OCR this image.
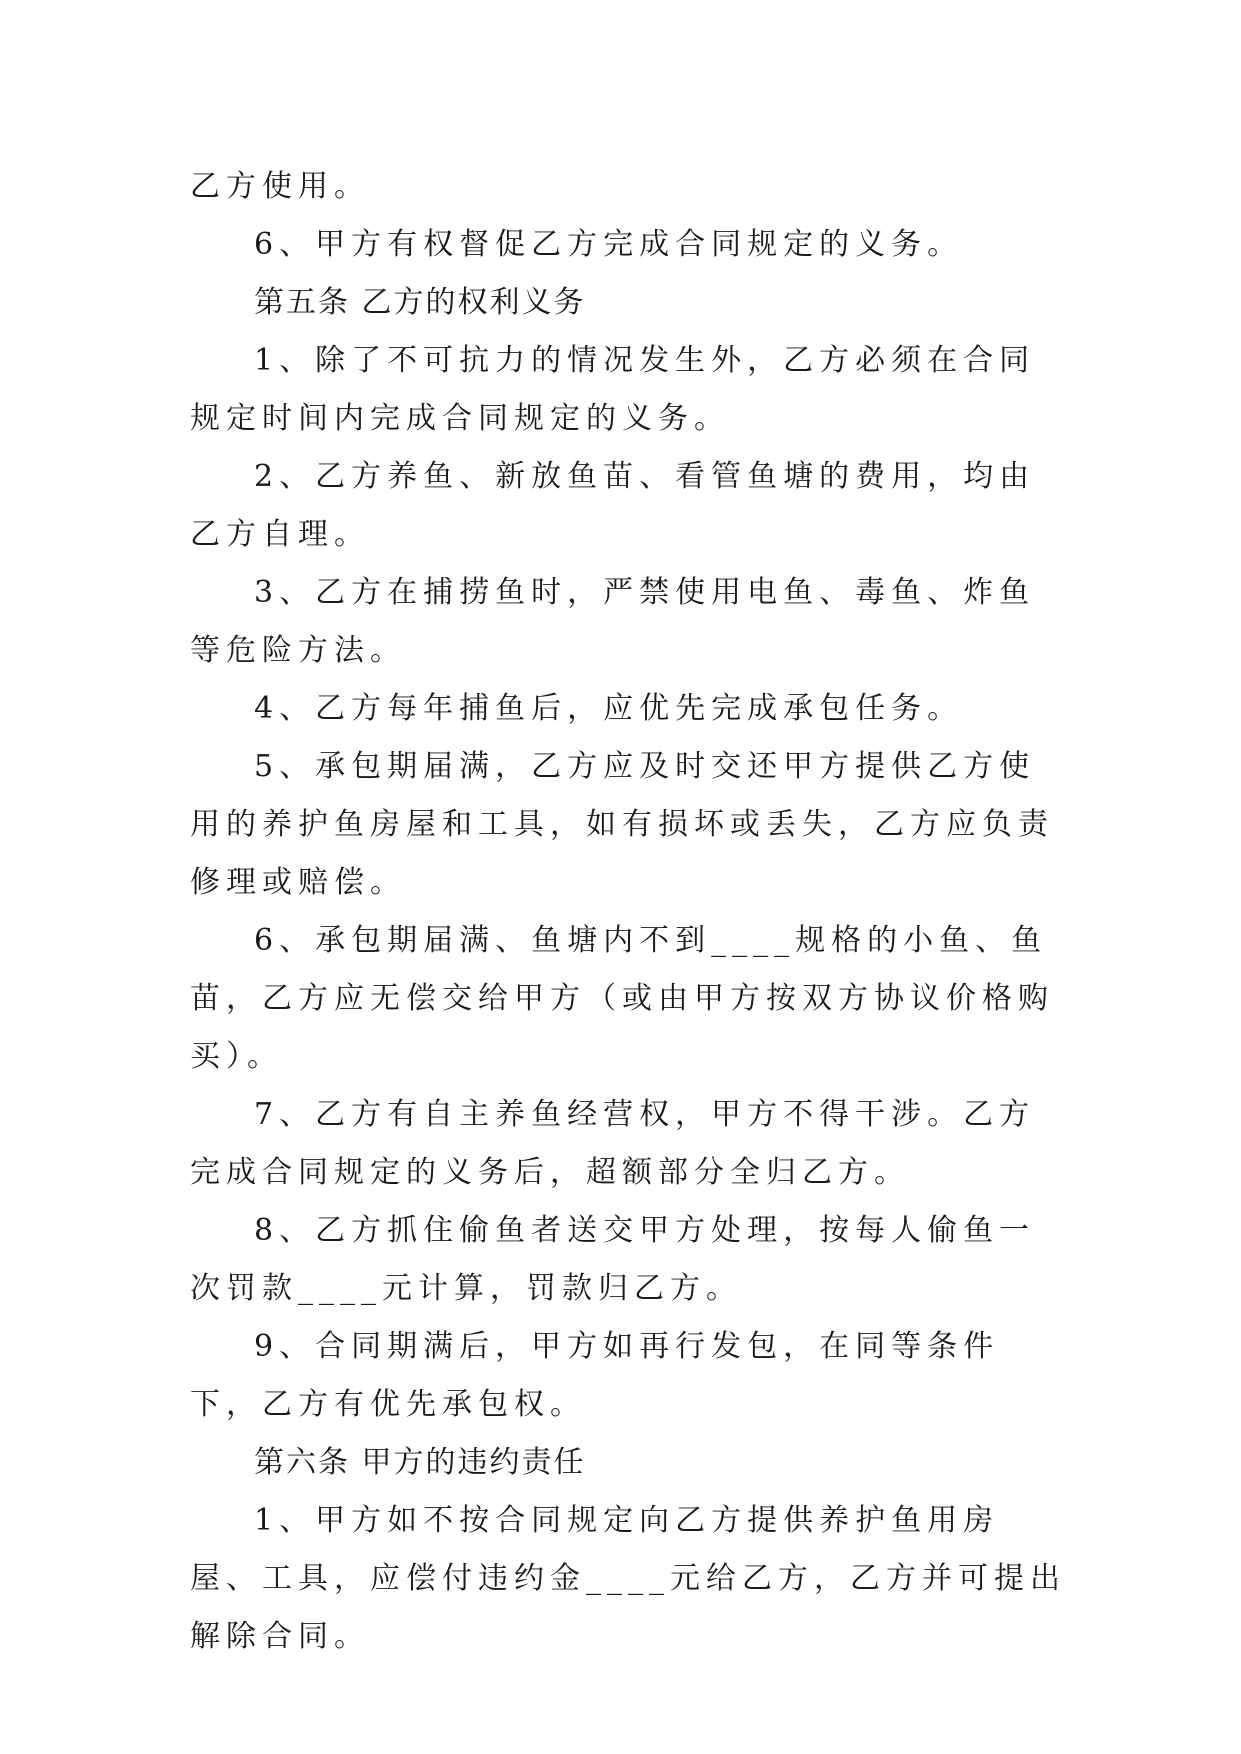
乙方使用。

6、甲方有权督促乙方完成合同规定的义务。

第五条 乙方的权利义务

1、除了不可抗力的情况发生外，乙方必须在合同规定时间内完成合同规定的义务。

2、乙方养鱼、新放鱼苗、看管鱼塘的费用，均由乙方自理。

3、乙方在捕捞鱼时，严禁使用电鱼、毒鱼、炸鱼等危险方法。

4、乙方每年捕鱼后，应优先完成承包任务。

5、承包期届满，乙方应及时交还甲方提供乙方使用的养护鱼房屋和工具，如有损坏或丢失，乙方应负责修理或赔偿。

6、承包期届满、鱼塘内不到____规格的小鱼、鱼苗，乙方应无偿交给甲方（或由甲方按双方协议价格购买）。

7、乙方有自主养鱼经营权，甲方不得干涉。乙方完成合同规定的义务后，超额部分全归乙方。

8、乙方抓住偷鱼者送交甲方处理，按每人偷鱼一次罚款____元计算，罚款归乙方。

9、合同期满后，甲方如再行发包，在同等条件下，乙方有优先承包权。

第六条 甲方的违约责任

1、甲方如不按合同规定向乙方提供养护鱼用房屋、工具，应偿付违约金____元给乙方，乙方并可提出解除合同。
